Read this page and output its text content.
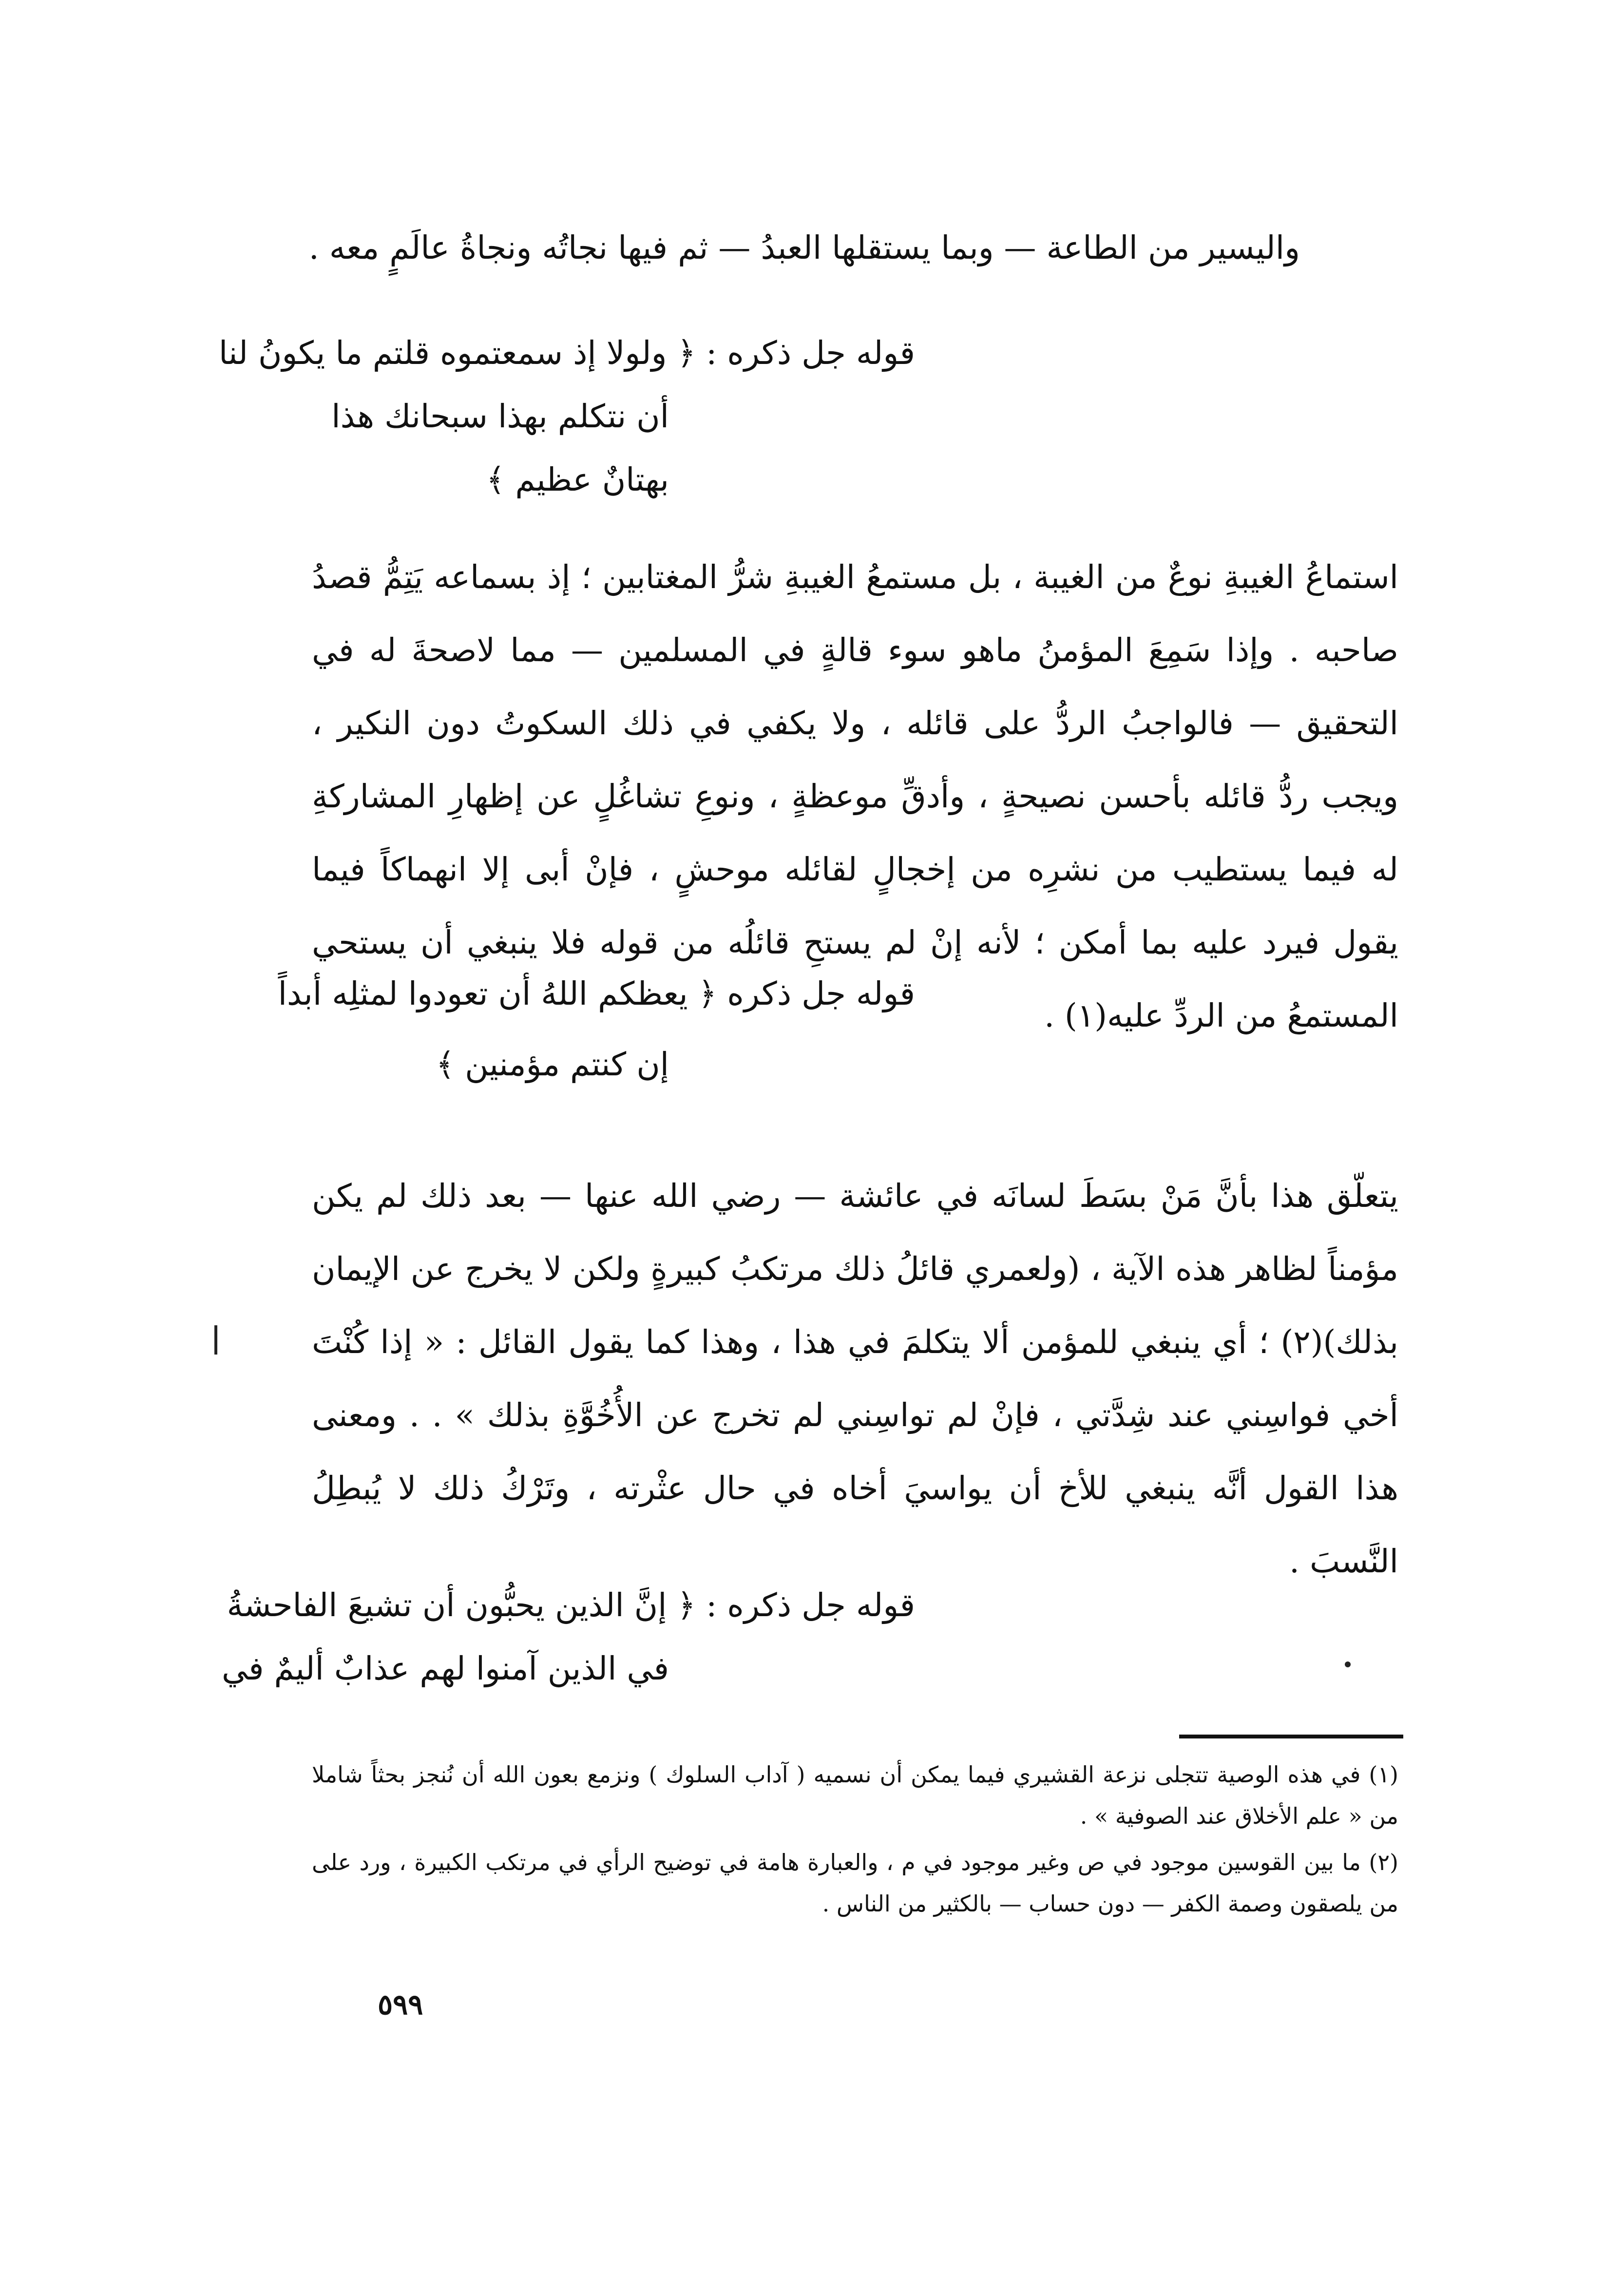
واليسير من الطاعة — وبما يستقلها العبدُ — ثم فيها نجاتُه ونجاةُ عالَمٍ معه .
قوله جل ذكره : ﴿ ولولا إذ سمعتموه قلتم ما يكونُ لنا
أن نتكلم بهذا سبحانك هذا
بهتانٌ عظيم ﴾

استماعُ الغيبةِ نوعٌ من الغيبة ، بل مستمعُ الغيبةِ شرُّ المغتابين ؛ إذ بسماعه يَتِمُّ قصدُ صاحبه . وإذا سَمِعَ المؤمنُ ماهو سوء قالةٍ في المسلمين — مما لاصحةَ له في التحقيق — فالواجبُ الردُّ على قائله ، ولا يكفي في ذلك السكوتُ دون النكير ، ويجب ردُّ قائله بأحسن نصيحةٍ ، وأدقِّ موعظةٍ ، ونوعِ تشاغُلٍ عن إظهارِ المشاركةِ له فيما يستطيب من نشرِه من إخجالٍ لقائله موحشٍ ، فإنْ أبى إلا انهماكاً فيما يقول فيرد عليه بما أمكن ؛ لأنه إنْ لم يستحِ قائلُه من قوله فلا ينبغي أن يستحي المستمعُ من الردِّ عليه(١) .

قوله جل ذكره ﴿ يعظكم اللهُ أن تعودوا لمثلِه أبداً
إن كنتم مؤمنين ﴾

يتعلّق هذا بأنَّ مَنْ بسَطَ لسانَه في عائشة — رضي الله عنها — بعد ذلك لم يكن مؤمناً لظاهر هذه الآية ، (ولعمري قائلُ ذلك مرتكبُ كبيرةٍ ولكن لا يخرج عن الإيمان بذلك)(٢) ؛ أي ينبغي للمؤمن ألا يتكلمَ في هذا ، وهذا كما يقول القائل : « إذا كُنْتَ أخي فواسِني عند شِدَّتي ، فإنْ لم تواسِني لم تخرج عن الأُخُوَّةِ بذلك » . . ومعنى هذا القول أنَّه ينبغي للأخ أن يواسيَ أخاه في حال عثْرته ، وتَرْكُ ذلك لا يُبطِلُ النَّسبَ .

قوله جل ذكره : ﴿ إنَّ الذين يحبُّون أن تشيعَ الفاحشةُ
في الذين آمنوا لهم عذابٌ أليمٌ في

(١) في هذه الوصية تتجلى نزعة القشيري فيما يمكن أن نسميه ( آداب السلوك ) ونزمع بعون الله أن نُنجز بحثاً شاملا من « علم الأخلاق عند الصوفية » .

(٢) ما بين القوسين موجود في ص وغير موجود في م ، والعبارة هامة في توضيح الرأي في مرتكب الكبيرة ، ورد على من يلصقون وصمة الكفر — دون حساب — بالكثير من الناس .

٥٩٩
